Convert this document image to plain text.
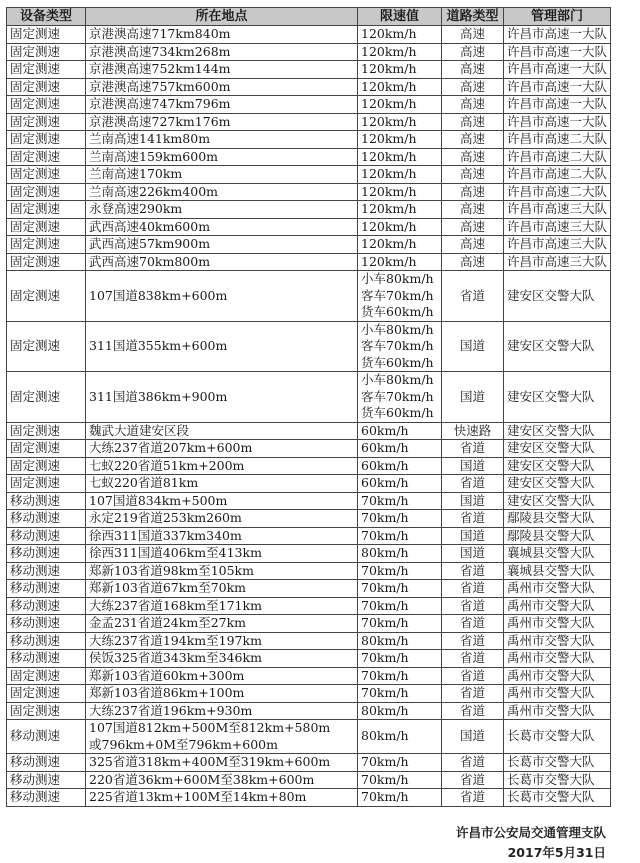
设备类型	所在地点	限速值	道路类型	管理部门
固定测速	京港澳高速717km840m	120km/h	高速	许昌市高速一大队
固定测速	京港澳高速734km268m	120km/h	高速	许昌市高速一大队
固定测速	京港澳高速752km144m	120km/h	高速	许昌市高速一大队
固定测速	京港澳高速757km600m	120km/h	高速	许昌市高速一大队
固定测速	京港澳高速747km796m	120km/h	高速	许昌市高速一大队
固定测速	京港澳高速727km176m	120km/h	高速	许昌市高速一大队
固定测速	兰南高速141km80m	120km/h	高速	许昌市高速二大队
固定测速	兰南高速159km600m	120km/h	高速	许昌市高速二大队
固定测速	兰南高速170km	120km/h	高速	许昌市高速二大队
固定测速	兰南高速226km400m	120km/h	高速	许昌市高速二大队
固定测速	永登高速290km	120km/h	高速	许昌市高速三大队
固定测速	武西高速40km600m	120km/h	高速	许昌市高速三大队
固定测速	武西高速57km900m	120km/h	高速	许昌市高速三大队
固定测速	武西高速70km800m	120km/h	高速	许昌市高速三大队
固定测速	107国道838km+600m	小车80km/h
客车70km/h
货车60km/h	省道	建安区交警大队
固定测速	311国道355km+600m	小车80km/h
客车70km/h
货车60km/h	国道	建安区交警大队
固定测速	311国道386km+900m	小车80km/h
客车70km/h
货车60km/h	国道	建安区交警大队
固定测速	魏武大道建安区段	60km/h	快速路	建安区交警大队
固定测速	大练237省道207km+600m	60km/h	省道	建安区交警大队
固定测速	七蚁220省道51km+200m	60km/h	国道	建安区交警大队
固定测速	七蚁220省道81km	60km/h	省道	建安区交警大队
移动测速	107国道834km+500m	70km/h	国道	建安区交警大队
移动测速	永定219省道253km260m	70km/h	省道	鄢陵县交警大队
移动测速	徐西311国道337km340m	70km/h	国道	鄢陵县交警大队
移动测速	徐西311国道406km至413km	80km/h	国道	襄城县交警大队
移动测速	郑新103省道98km至105km	70km/h	省道	襄城县交警大队
移动测速	郑新103省道67km至70km	70km/h	省道	禹州市交警大队
移动测速	大练237省道168km至171km	70km/h	省道	禹州市交警大队
移动测速	金孟231省道24km至27km	70km/h	省道	禹州市交警大队
移动测速	大练237省道194km至197km	80km/h	省道	禹州市交警大队
移动测速	侯饭325省道343km至346km	70km/h	省道	禹州市交警大队
固定测速	郑新103省道60km+300m	70km/h	省道	禹州市交警大队
固定测速	郑新103省道86km+100m	70km/h	省道	禹州市交警大队
固定测速	大练237省道196km+930m	80km/h	省道	禹州市交警大队
移动测速	107国道812km+500M至812km+580m
或796km+0M至796km+600m	80km/h	国道	长葛市交警大队
移动测速	325省道318km+400M至319km+600m	70km/h	省道	长葛市交警大队
移动测速	220省道36km+600M至38km+600m	70km/h	省道	长葛市交警大队
移动测速	225省道13km+100M至14km+80m	70km/h	省道	长葛市交警大队
许昌市公安局交通管理支队
2017年5月31日
